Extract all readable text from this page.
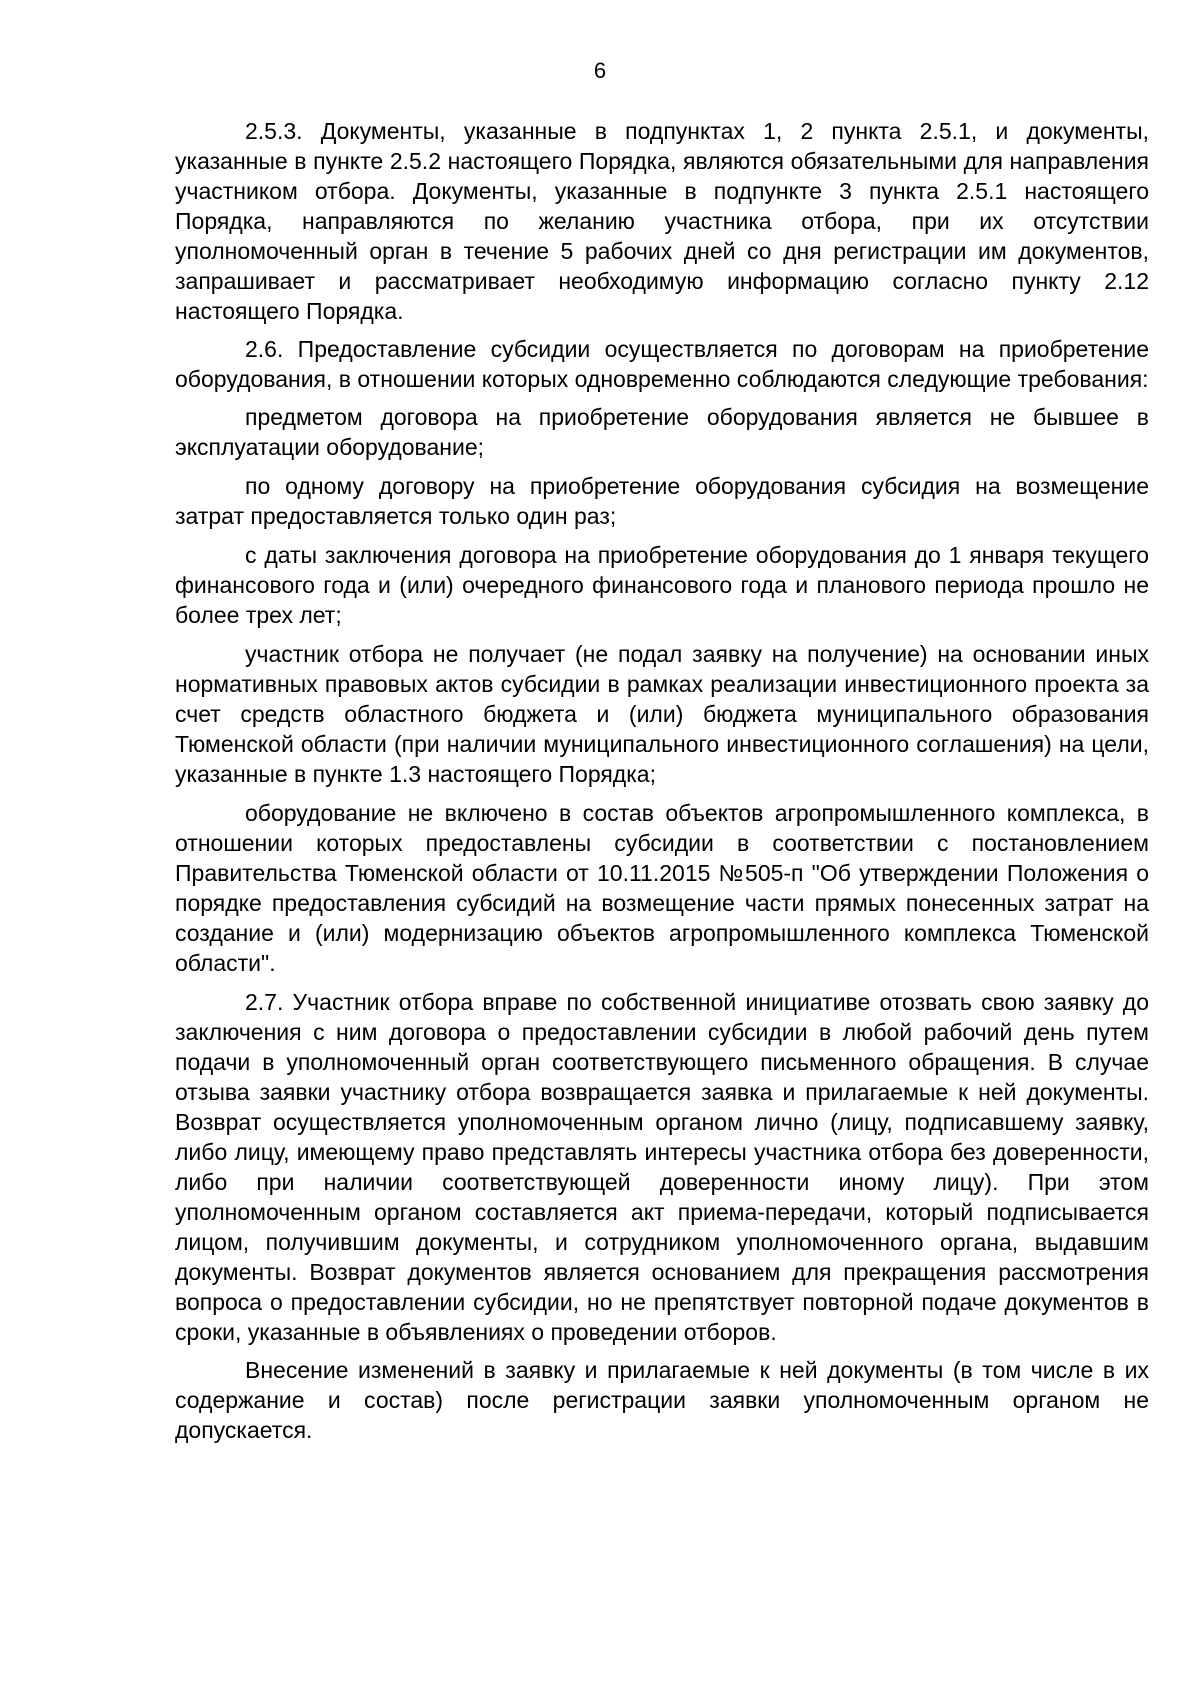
6

2.5.3. Документы, указанные в подпунктах 1, 2 пункта 2.5.1, и документы, указанные в пункте 2.5.2 настоящего Порядка, являются обязательными для направления участником отбора. Документы, указанные в подпункте 3 пункта 2.5.1 настоящего Порядка, направляются по желанию участника отбора, при их отсутствии уполномоченный орган в течение 5 рабочих дней со дня регистрации им документов, запрашивает и рассматривает необходимую информацию согласно пункту 2.12 настоящего Порядка.

2.6. Предоставление субсидии осуществляется по договорам на приобретение оборудования, в отношении которых одновременно соблюдаются следующие требования:

предметом договора на приобретение оборудования является не бывшее в эксплуатации оборудование;

по одному договору на приобретение оборудования субсидия на возмещение затрат предоставляется только один раз;

с даты заключения договора на приобретение оборудования до 1 января текущего финансового года и (или) очередного финансового года и планового периода прошло не более трех лет;

участник отбора не получает (не подал заявку на получение) на основании иных нормативных правовых актов субсидии в рамках реализации инвестиционного проекта за счет средств областного бюджета и (или) бюджета муниципального образования Тюменской области (при наличии муниципального инвестиционного соглашения) на цели, указанные в пункте 1.3 настоящего Порядка;

оборудование не включено в состав объектов агропромышленного комплекса, в отношении которых предоставлены субсидии в соответствии с постановлением Правительства Тюменской области от 10.11.2015 №505-п "Об утверждении Положения о порядке предоставления субсидий на возмещение части прямых понесенных затрат на создание и (или) модернизацию объектов агропромышленного комплекса Тюменской области".

2.7. Участник отбора вправе по собственной инициативе отозвать свою заявку до заключения с ним договора о предоставлении субсидии в любой рабочий день путем подачи в уполномоченный орган соответствующего письменного обращения. В случае отзыва заявки участнику отбора возвращается заявка и прилагаемые к ней документы. Возврат осуществляется уполномоченным органом лично (лицу, подписавшему заявку, либо лицу, имеющему право представлять интересы участника отбора без доверенности, либо при наличии соответствующей доверенности иному лицу). При этом уполномоченным органом составляется акт приема-передачи, который подписывается лицом, получившим документы, и сотрудником уполномоченного органа, выдавшим документы. Возврат документов является основанием для прекращения рассмотрения вопроса о предоставлении субсидии, но не препятствует повторной подаче документов в сроки, указанные в объявлениях о проведении отборов.

Внесение изменений в заявку и прилагаемые к ней документы (в том числе в их содержание и состав) после регистрации заявки уполномоченным органом не допускается.
